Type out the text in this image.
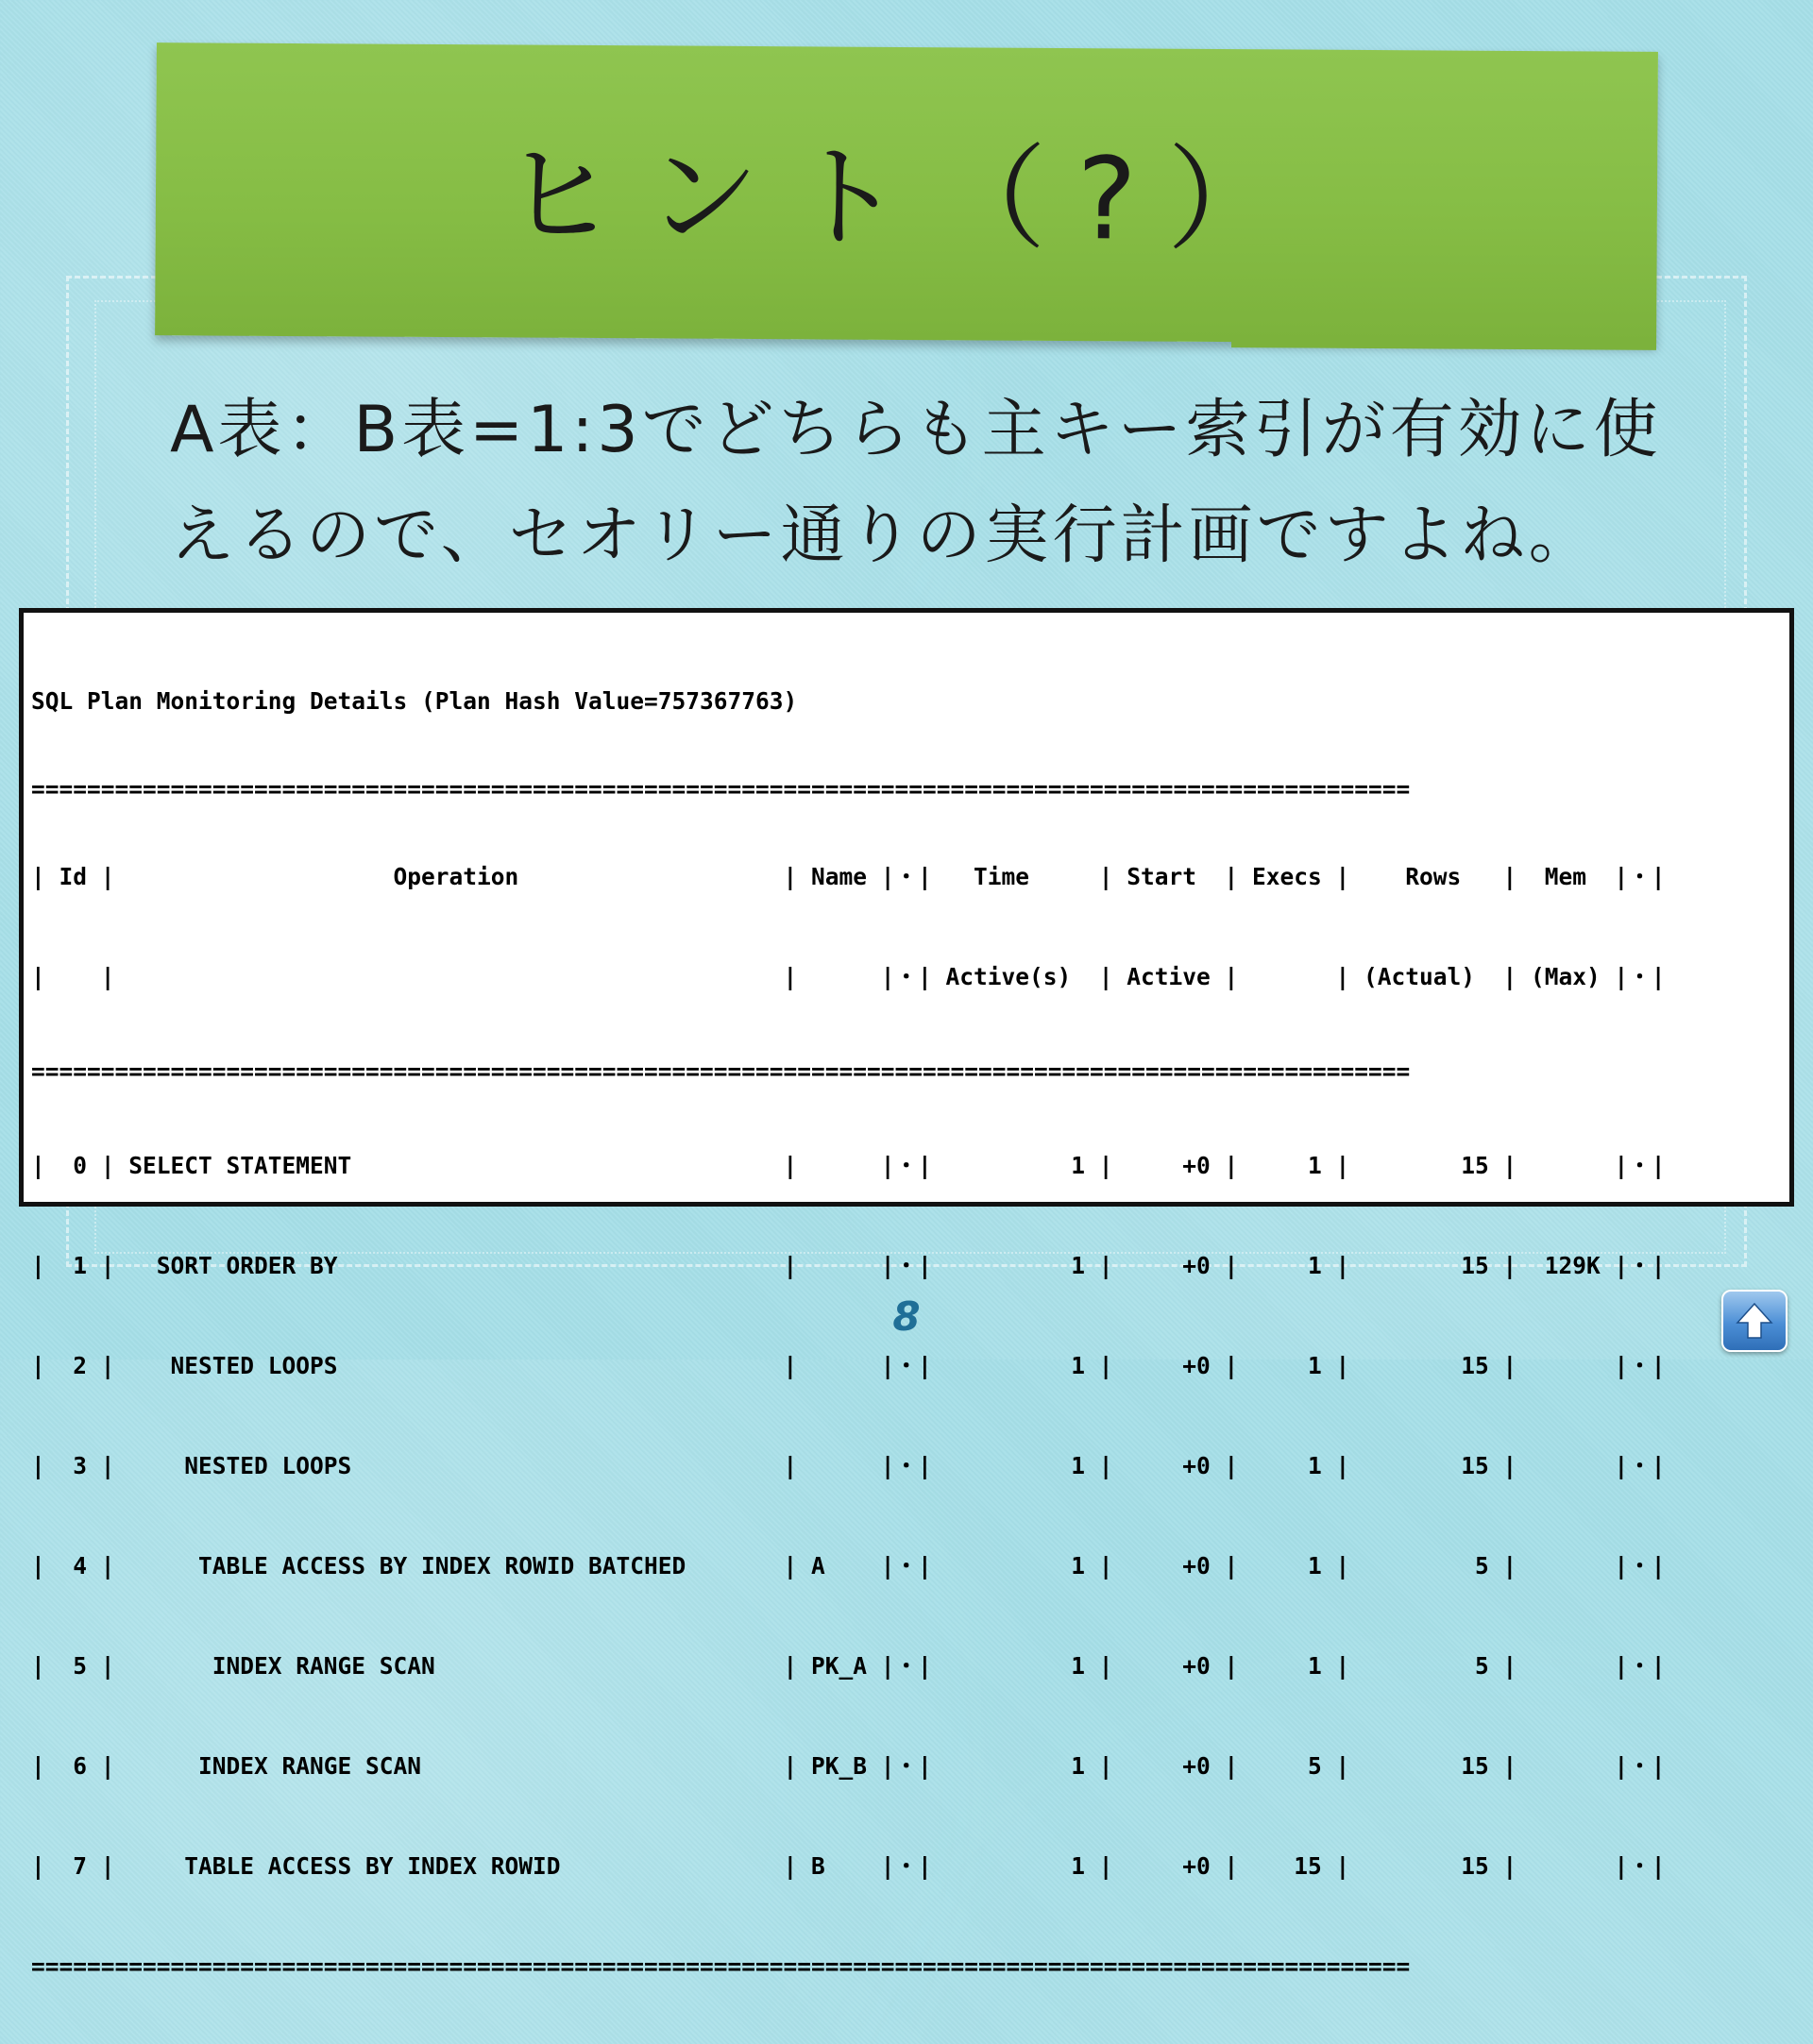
ヒント（?）
A表：B表=1:3でどちらも主キー索引が有効に使
えるので、セオリー通りの実行計画ですよね。

SQL Plan Monitoring Details (Plan Hash Value=757367763)

===================================================================================================

| Id |                    Operation                   | Name |・|   Time     | Start  | Execs |    Rows   |  Mem  |・|

|    |                                                |      |・| Active(s)  | Active |       | (Actual)  | (Max) |・|

===================================================================================================

|  0 | SELECT STATEMENT                               |      |・|          1 |     +0 |     1 |        15 |       |・|

|  1 |   SORT ORDER BY                                |      |・|          1 |     +0 |     1 |        15 |  129K |・|

|  2 |    NESTED LOOPS                                |      |・|          1 |     +0 |     1 |        15 |       |・|

|  3 |     NESTED LOOPS                               |      |・|          1 |     +0 |     1 |        15 |       |・|

|  4 |      TABLE ACCESS BY INDEX ROWID BATCHED       | A    |・|          1 |     +0 |     1 |         5 |       |・|

|  5 |       INDEX RANGE SCAN                         | PK_A |・|          1 |     +0 |     1 |         5 |       |・|

|  6 |      INDEX RANGE SCAN                          | PK_B |・|          1 |     +0 |     5 |        15 |       |・|

|  7 |     TABLE ACCESS BY INDEX ROWID                | B    |・|          1 |     +0 |    15 |        15 |       |・|

===================================================================================================

8
